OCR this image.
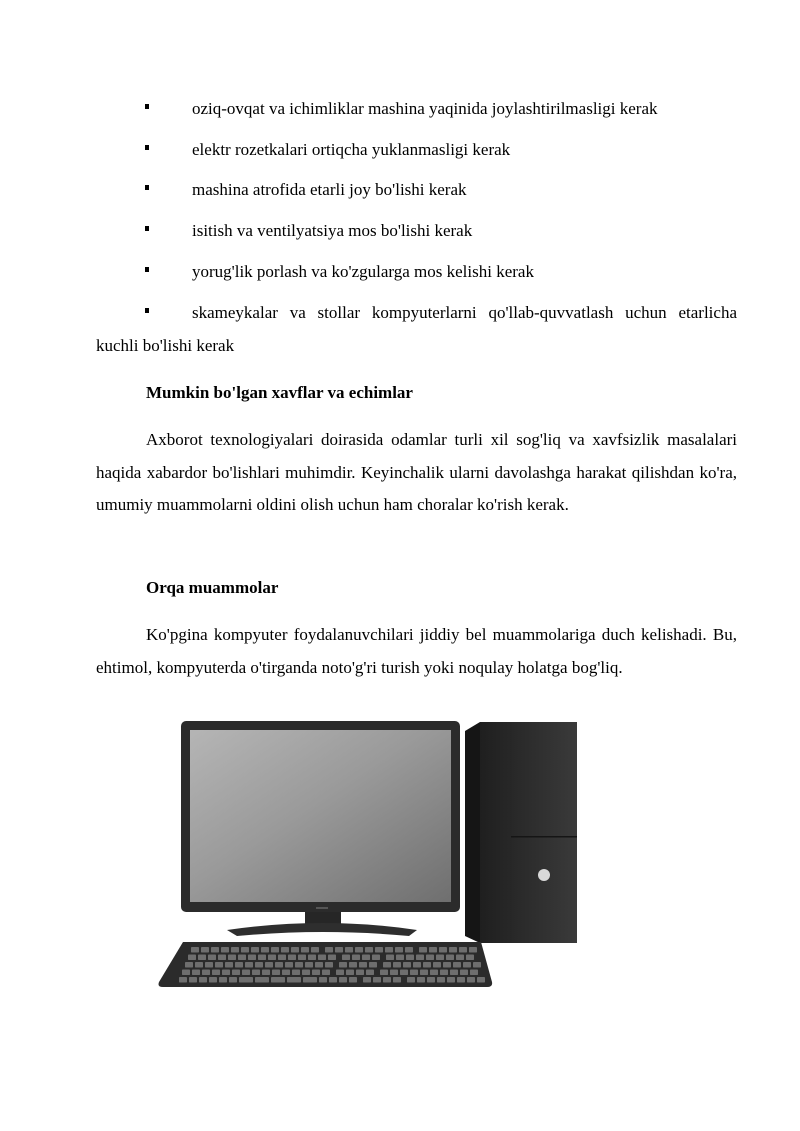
oziq-ovqat va ichimliklar mashina yaqinida joylashtirilmasligi kerak
elektr rozetkalari ortiqcha yuklanmasligi kerak
mashina atrofida etarli joy bo'lishi kerak
isitish va ventilyatsiya mos bo'lishi kerak
yorug'lik porlash va ko'zgularga mos kelishi kerak
skameykalar va stollar kompyuterlarni qo'llab-quvvatlash uchun etarlicha kuchli bo'lishi kerak
Mumkin bo'lgan xavflar va echimlar
Axborot texnologiyalari doirasida odamlar turli xil sog'liq va xavfsizlik masalalari haqida xabardor bo'lishlari muhimdir. Keyinchalik ularni davolashga harakat qilishdan ko'ra, umumiy muammolarni oldini olish uchun ham choralar ko'rish kerak.
Orqa muammolar
Ko'pgina kompyuter foydalanuvchilari jiddiy bel muammolariga duch kelishadi. Bu, ehtimol, kompyuterda o'tirganda noto'g'ri turish yoki noqulay holatga bog'liq.
